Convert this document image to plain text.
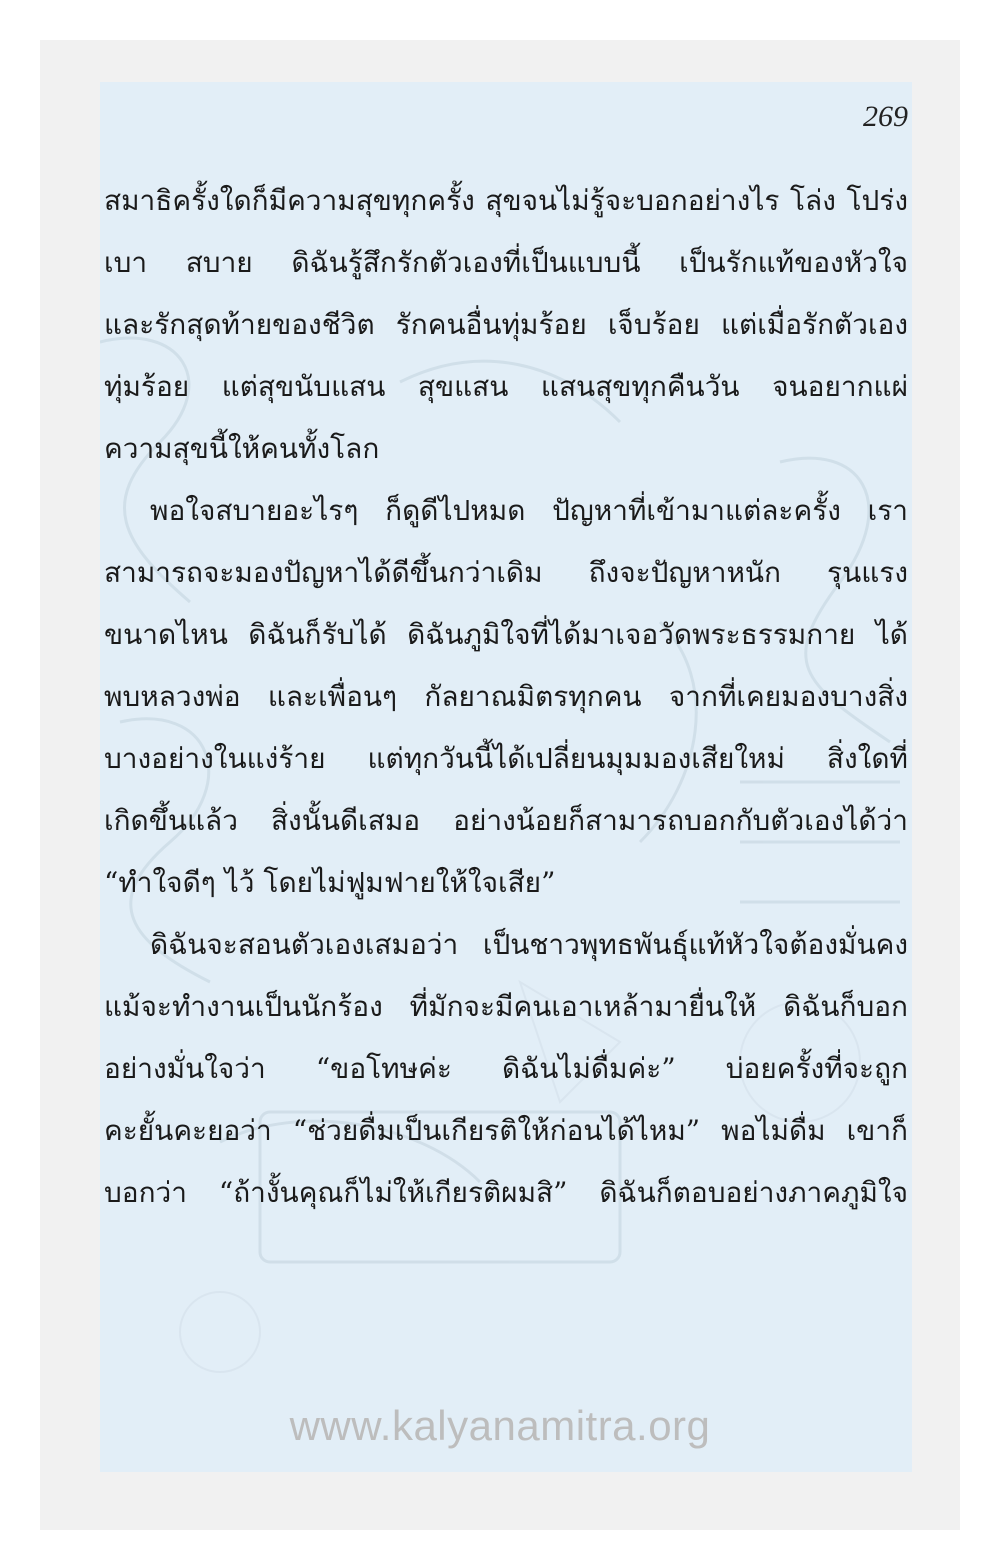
269
สมาธิครั้งใดก็มีความสุขทุกครั้ง สุขจนไม่รู้จะบอกอย่างไร โล่ง โปร่ง
เบา สบาย ดิฉันรู้สึกรักตัวเองที่เป็นแบบนี้ เป็นรักแท้ของหัวใจ
และรักสุดท้ายของชีวิต รักคนอื่นทุ่มร้อย เจ็บร้อย แต่เมื่อรักตัวเอง
ทุ่มร้อย แต่สุขนับแสน สุขแสน แสนสุขทุกคืนวัน จนอยากแผ่
ความสุขนี้ให้คนทั้งโลก
พอใจสบายอะไรๆ ก็ดูดีไปหมด ปัญหาที่เข้ามาแต่ละครั้ง เรา
สามารถจะมองปัญหาได้ดีขึ้นกว่าเดิม ถึงจะปัญหาหนัก รุนแรง
ขนาดไหน ดิฉันก็รับได้ ดิฉันภูมิใจที่ได้มาเจอวัดพระธรรมกาย ได้
พบหลวงพ่อ และเพื่อนๆ กัลยาณมิตรทุกคน จากที่เคยมองบางสิ่ง
บางอย่างในแง่ร้าย แต่ทุกวันนี้ได้เปลี่ยนมุมมองเสียใหม่ สิ่งใดที่
เกิดขึ้นแล้ว สิ่งนั้นดีเสมอ อย่างน้อยก็สามารถบอกกับตัวเองได้ว่า
“ทำใจดีๆ ไว้ โดยไม่ฟูมฟายให้ใจเสีย”
ดิฉันจะสอนตัวเองเสมอว่า เป็นชาวพุทธพันธุ์แท้หัวใจต้องมั่นคง
แม้จะทำงานเป็นนักร้อง ที่มักจะมีคนเอาเหล้ามายื่นให้ ดิฉันก็บอก
อย่างมั่นใจว่า “ขอโทษค่ะ ดิฉันไม่ดื่มค่ะ” บ่อยครั้งที่จะถูก
คะยั้นคะยอว่า “ช่วยดื่มเป็นเกียรติให้ก่อนได้ไหม” พอไม่ดื่ม เขาก็
บอกว่า “ถ้างั้นคุณก็ไม่ให้เกียรติผมสิ” ดิฉันก็ตอบอย่างภาคภูมิใจ
www.kalyanamitra.org
